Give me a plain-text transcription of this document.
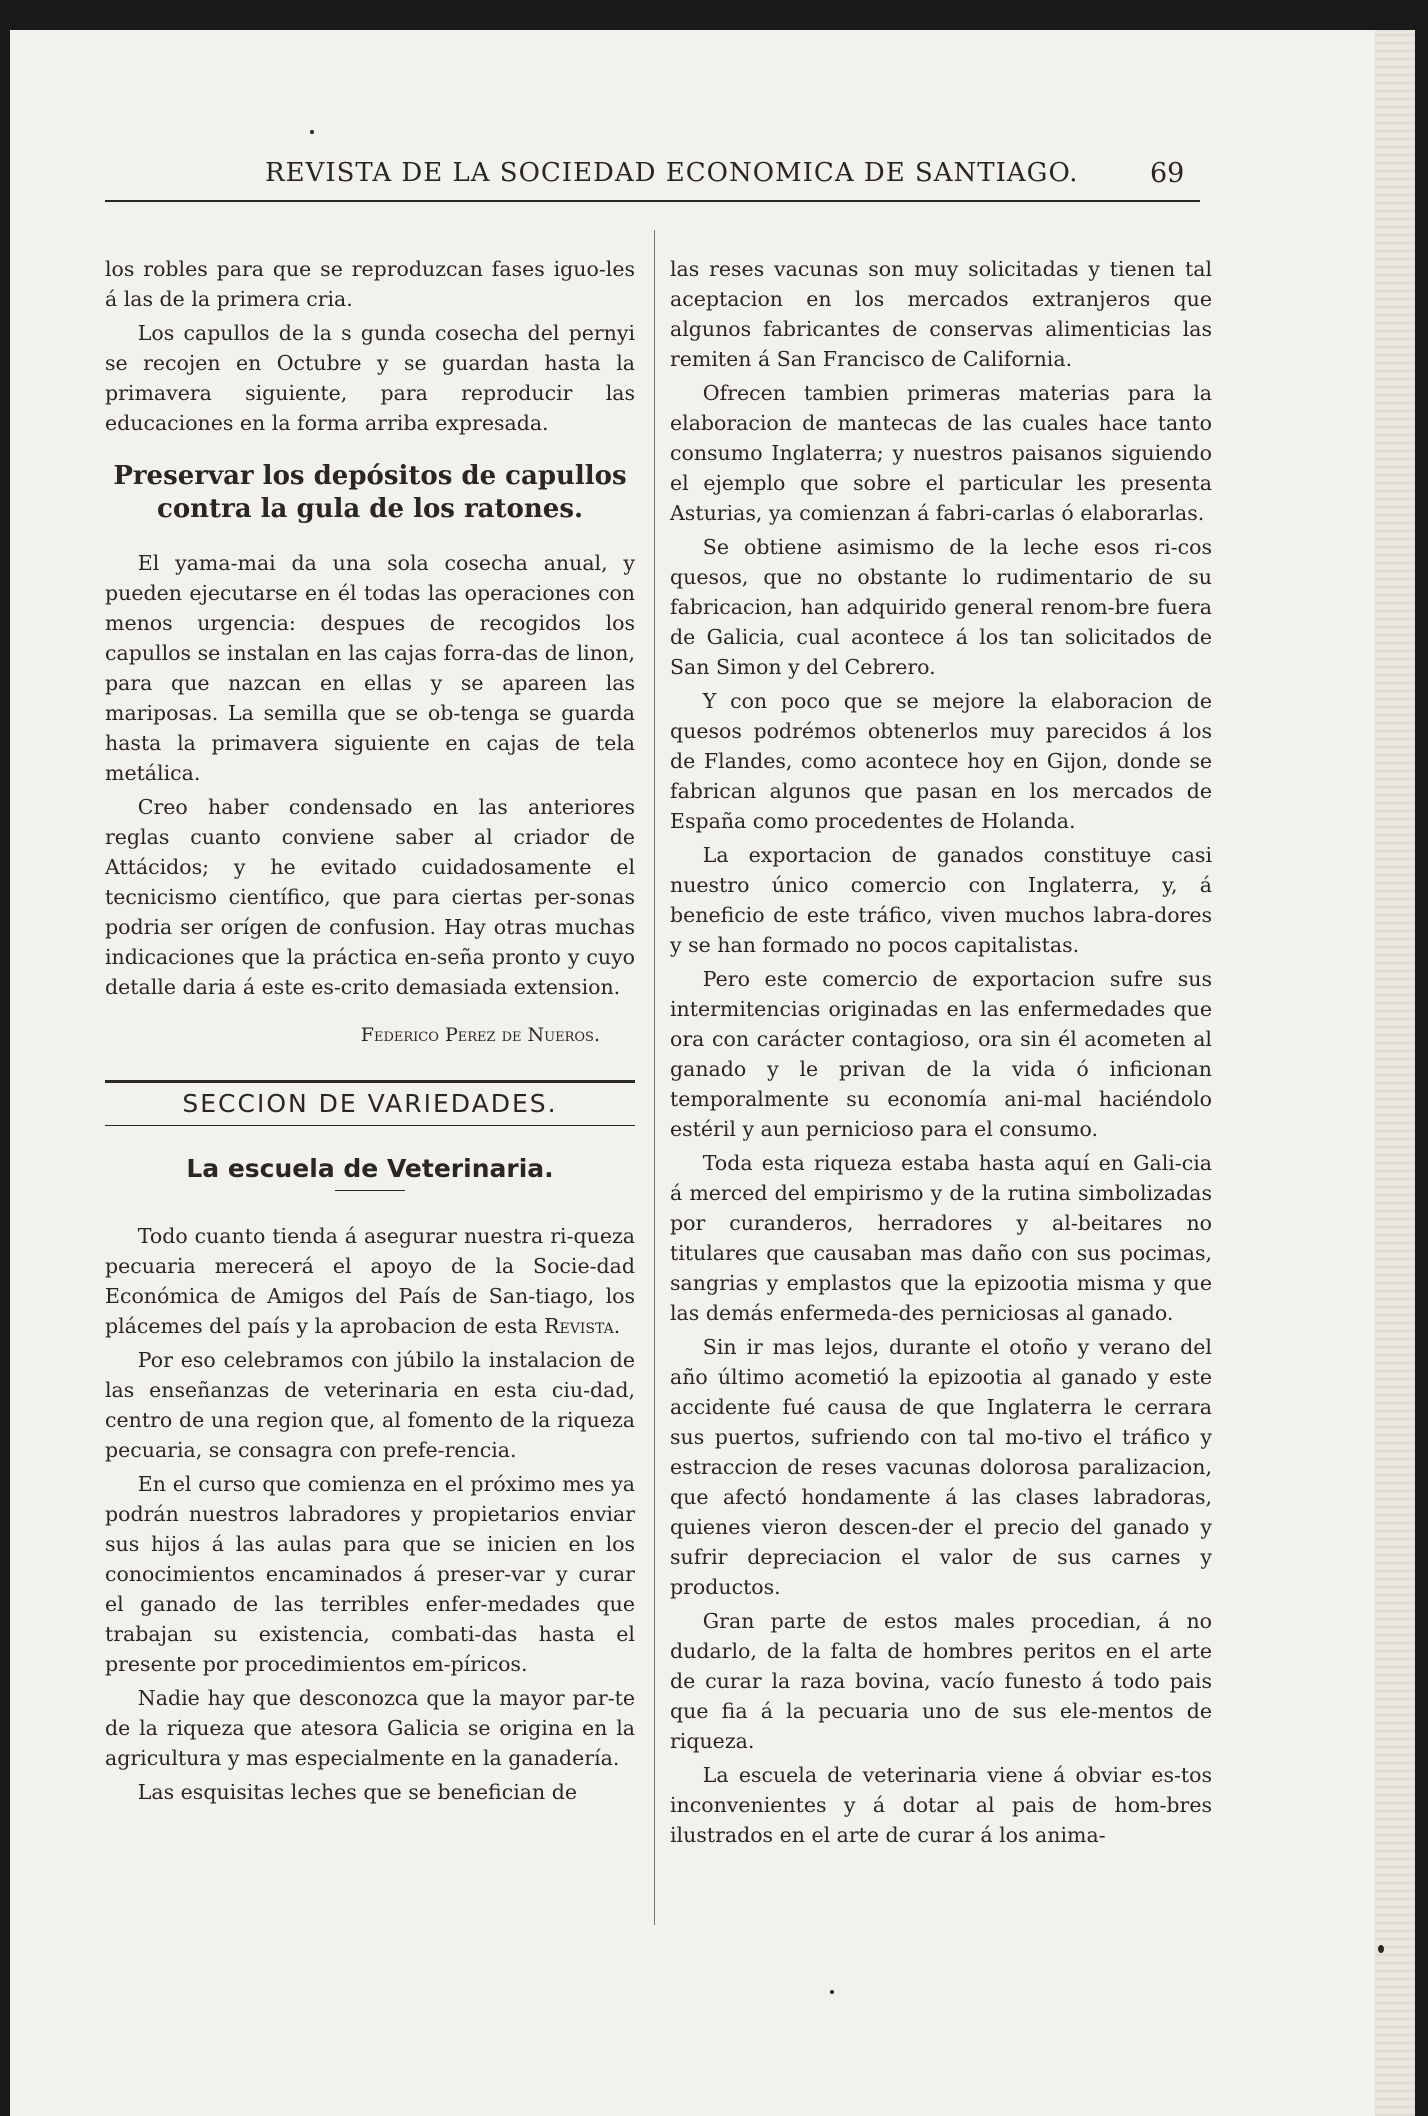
REVISTA DE LA SOCIEDAD ECONOMICA DE SANTIAGO.	69

los robles para que se reproduzcan fases iguo-les á las de la primera cria.

Los capullos de la s gunda cosecha del pernyi se recojen en Octubre y se guardan hasta la primavera siguiente, para reproducir las educaciones en la forma arriba expresada.

Preservar los depósitos de capullos contra la gula de los ratones.

El yama-mai da una sola cosecha anual, y pueden ejecutarse en él todas las operaciones con menos urgencia: despues de recogidos los capullos se instalan en las cajas forra-das de linon, para que nazcan en ellas y se apareen las mariposas. La semilla que se ob-tenga se guarda hasta la primavera siguiente en cajas de tela metálica.

Creo haber condensado en las anteriores reglas cuanto conviene saber al criador de Attácidos; y he evitado cuidadosamente el tecnicismo científico, que para ciertas per-sonas podria ser orígen de confusion. Hay otras muchas indicaciones que la práctica en-seña pronto y cuyo detalle daria á este es-crito demasiada extension.

Federico Perez de Nueros.
SECCION DE VARIEDADES.
La escuela de Veterinaria.

Todo cuanto tienda á asegurar nuestra ri-queza pecuaria merecerá el apoyo de la Socie-dad Económica de Amigos del País de San-tiago, los plácemes del país y la aprobacion de esta Revista.

Por eso celebramos con júbilo la instalacion de las enseñanzas de veterinaria en esta ciu-dad, centro de una region que, al fomento de la riqueza pecuaria, se consagra con prefe-rencia.

En el curso que comienza en el próximo mes ya podrán nuestros labradores y propietarios enviar sus hijos á las aulas para que se inicien en los conocimientos encaminados á preser-var y curar el ganado de las terribles enfer-medades que trabajan su existencia, combati-das hasta el presente por procedimientos em-píricos.

Nadie hay que desconozca que la mayor par-te de la riqueza que atesora Galicia se origina en la agricultura y mas especialmente en la ganadería.

Las esquisitas leches que se benefician de

las reses vacunas son muy solicitadas y tienen tal aceptacion en los mercados extranjeros que algunos fabricantes de conservas alimenticias las remiten á San Francisco de California.

Ofrecen tambien primeras materias para la elaboracion de mantecas de las cuales hace tanto consumo Inglaterra; y nuestros paisanos siguiendo el ejemplo que sobre el particular les presenta Asturias, ya comienzan á fabri-carlas ó elaborarlas.

Se obtiene asimismo de la leche esos ri-cos quesos, que no obstante lo rudimentario de su fabricacion, han adquirido general renom-bre fuera de Galicia, cual acontece á los tan solicitados de San Simon y del Cebrero.

Y con poco que se mejore la elaboracion de quesos podrémos obtenerlos muy parecidos á los de Flandes, como acontece hoy en Gijon, donde se fabrican algunos que pasan en los mercados de España como procedentes de Holanda.

La exportacion de ganados constituye casi nuestro único comercio con Inglaterra, y, á beneficio de este tráfico, viven muchos labra-dores y se han formado no pocos capitalistas.

Pero este comercio de exportacion sufre sus intermitencias originadas en las enfermedades que ora con carácter contagioso, ora sin él acometen al ganado y le privan de la vida ó inficionan temporalmente su economía ani-mal haciéndolo estéril y aun pernicioso para el consumo.

Toda esta riqueza estaba hasta aquí en Gali-cia á merced del empirismo y de la rutina simbolizadas por curanderos, herradores y al-beitares no titulares que causaban mas daño con sus pocimas, sangrias y emplastos que la epizootia misma y que las demás enfermeda-des perniciosas al ganado.

Sin ir mas lejos, durante el otoño y verano del año último acometió la epizootia al ganado y este accidente fué causa de que Inglaterra le cerrara sus puertos, sufriendo con tal mo-tivo el tráfico y estraccion de reses vacunas dolorosa paralizacion, que afectó hondamente á las clases labradoras, quienes vieron descen-der el precio del ganado y sufrir depreciacion el valor de sus carnes y productos.

Gran parte de estos males procedian, á no dudarlo, de la falta de hombres peritos en el arte de curar la raza bovina, vacío funesto á todo pais que fia á la pecuaria uno de sus ele-mentos de riqueza.

La escuela de veterinaria viene á obviar es-tos inconvenientes y á dotar al pais de hom-bres ilustrados en el arte de curar á los anima-
